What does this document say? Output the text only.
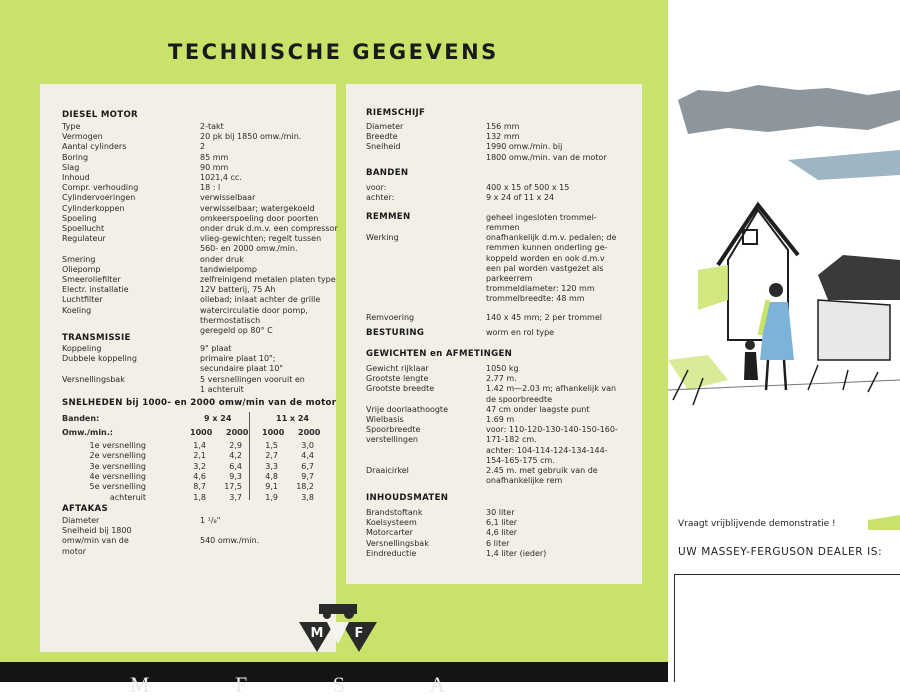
TECHNISCHE GEGEVENS
DIESEL MOTOR
Type	2-takt
Vermogen	20 pk bij 1850 omw./min.
Aantal cylinders	2
Boring	85 mm
Slag	90 mm
Inhoud	1021,4 cc.
Compr. verhouding	18 : l
Cylindervoeringen	verwisselbaar
Cylinderkoppen	verwisselbaar; watergekoeld
Spoeling	omkeerspoeling door poorten
Spoellucht	onder druk d.m.v. een compressor
Regulateur	vlieg-gewichten; regelt tussen
560- en 2000 omw./min.
Smering	onder druk
Oliepomp	tandwielpomp
Smeeroliefilter	zelfreinigend metalen platen type
Electr. installatie	12V batterij, 75 Ah
Luchtfilter	oliebad; inlaat achter de grille
Koeling	watercirculatie door pomp,
thermostatisch
geregeld op 80° C
TRANSMISSIE
Koppeling	9" plaat
Dubbele koppeling	primaire plaat 10";
secundaire plaat 10"
Versnellingsbak	5 versnellingen vooruit en
1 achteruit
SNELHEDEN bij 1000- en 2000 omw/min van de motor
Banden:	9 x 24	11 x 24
Omw./min.:	1000 2000 1000 2000
1e versnelling	1,4	2,9	1,5	3,0
2e versnelling	2,1	4,2	2,7	4,4
3e versnelling	3,2	6,4	3,3	6,7
4e versnelling	4,6	9,3	4,8	9,7
5e versnelling	8,7	17,5	9,1	18,2
achteruit	1,8	3,7	1,9	3,8
AFTAKAS
Diameter	1 ¹/₈"
Snelheid bij 1800
omw/min van de	540 omw./min.
motor
RIEMSCHIJF
Diameter	156 mm
Breedte	132 mm
Snelheid	1990 omw./min. bij
1800 omw./min. van de motor
BANDEN
voor:	400 x 15 of 500 x 15
achter:	9 x 24 of 11 x 24
REMMEN	geheel ingesloten trommel-
remmen
Werking	onafhankelijk d.m.v. pedalen; de
remmen kunnen onderling ge-
koppeld worden en ook d.m.v
een pal worden vastgezet als
parkeerrem
trommeldiameter: 120 mm
trommelbreedte: 48 mm
Remvoering	140 x 45 mm; 2 per trommel
BESTURING	worm en rol type
GEWICHTEN en AFMETINGEN
Gewicht rijklaar	1050 kg
Grootste lengte	2.77 m.
Grootste breedte	1.42 m—2.03 m; afhankelijk van
de spoorbreedte
Vrije doorlaathoogte	47 cm onder laagste punt
Wielbasis	1.69 m
Spoorbreedte	voor: 110-120-130-140-150-160-
verstellingen	171-182 cm.
achter: 104-114-124-134-144-
154-165-175 cm.
Draaicirkel	2.45 m. met gebruik van de
onafhankelijke rem
INHOUDSMATEN
Brandstoftank	30 liter
Koelsysteem	6,1 liter
Motorcarter	4,6 liter
Versnellingsbak	6 liter
Eindreductie	1,4 liter (ieder)
M F
M F S A
Vraagt vrijblijvende demonstratie !
UW MASSEY-FERGUSON DEALER IS:
